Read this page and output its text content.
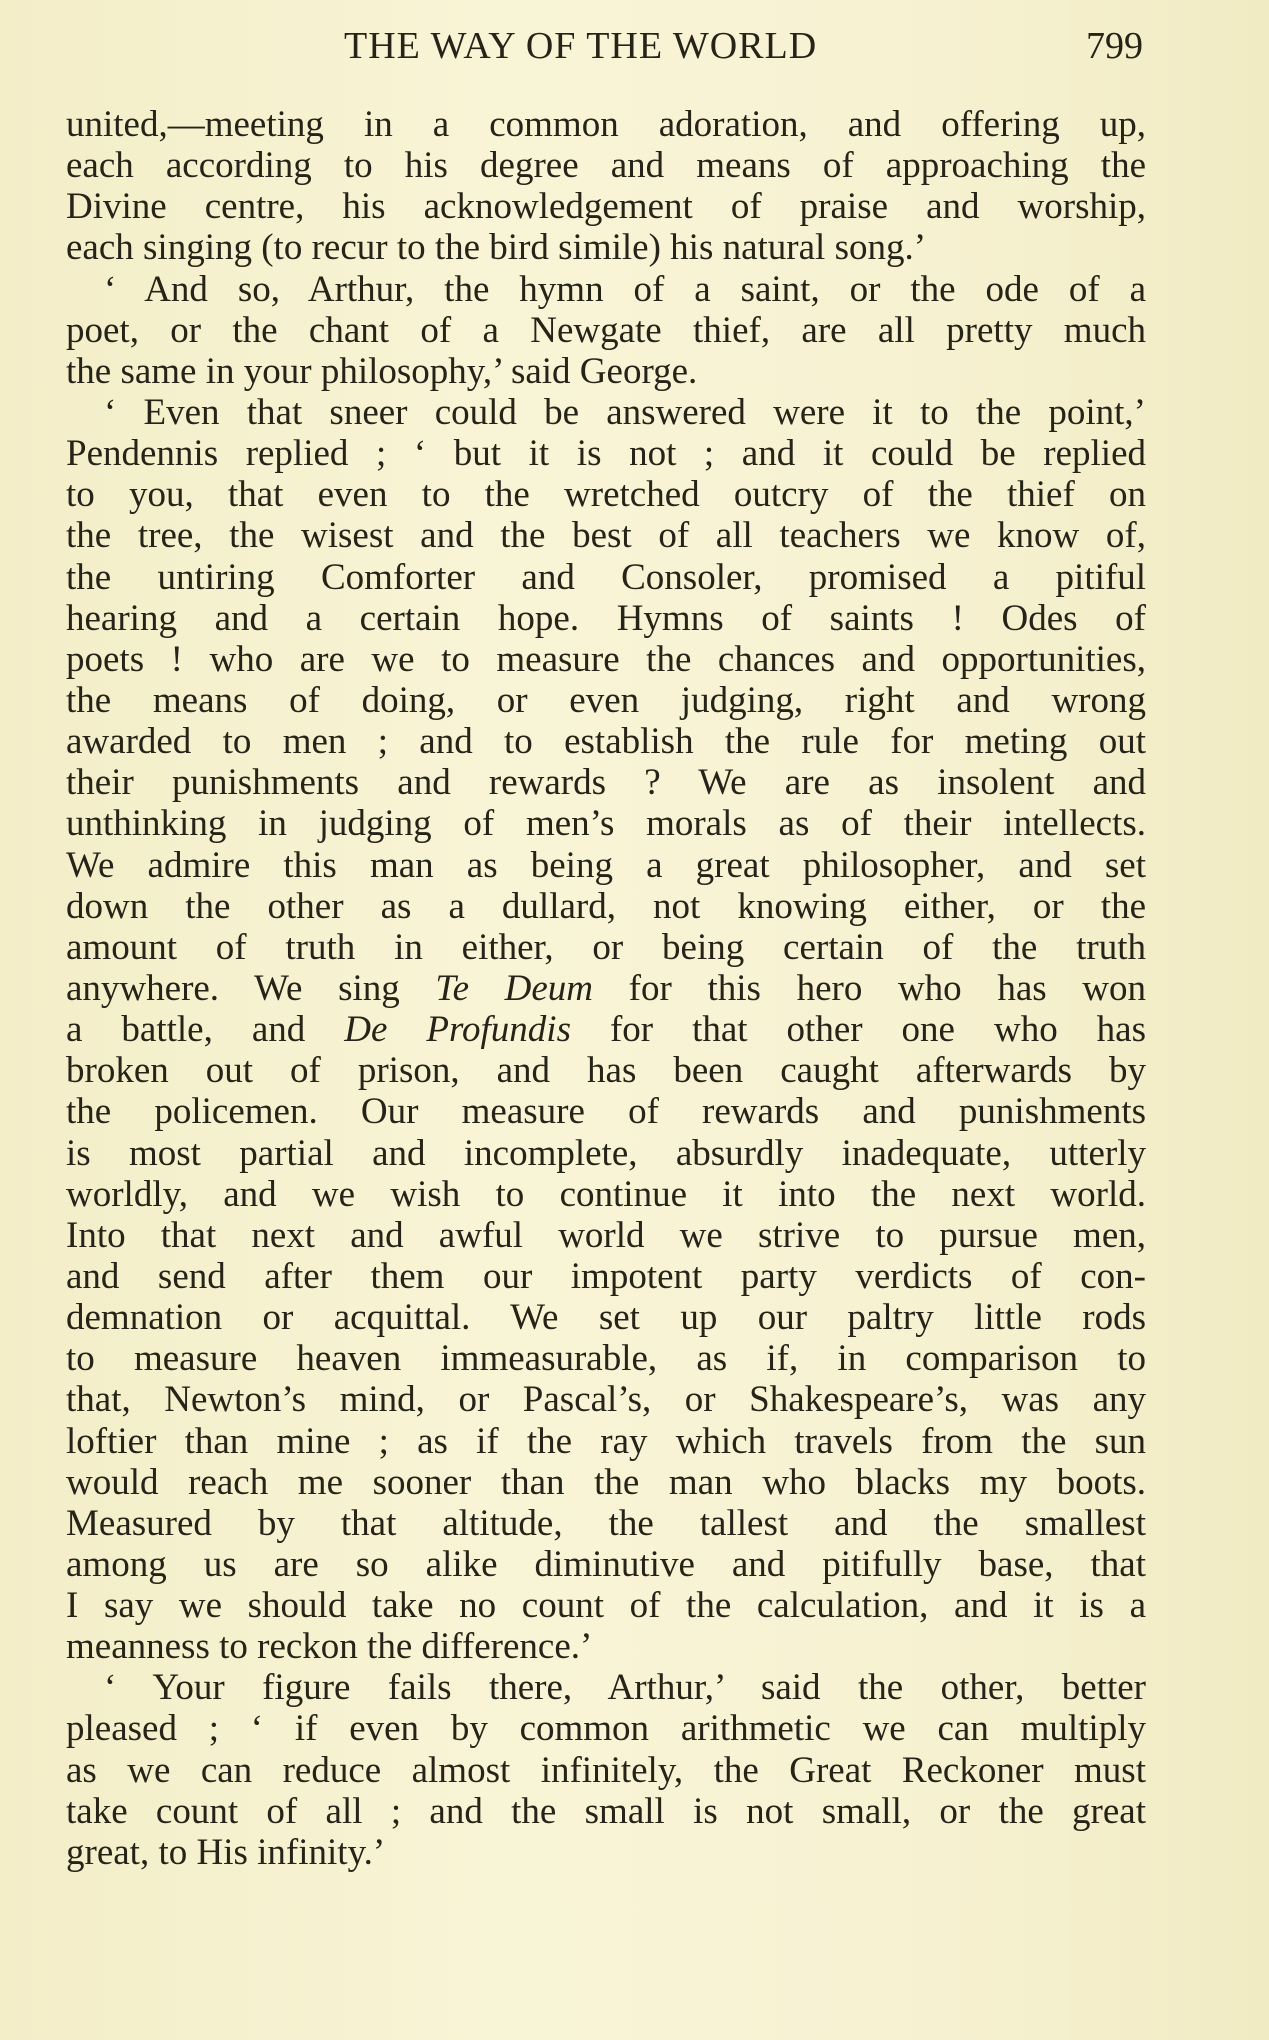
THE WAY OF THE WORLD	799
united,—meeting in a common adoration, and offering up,
each according to his degree and means of approaching the
Divine centre, his acknowledgement of praise and worship,
each singing (to recur to the bird simile) his natural song.’
‘ And so, Arthur, the hymn of a saint, or the ode of a
poet, or the chant of a Newgate thief, are all pretty much
the same in your philosophy,’ said George.
‘ Even that sneer could be answered were it to the point,’
Pendennis replied ; ‘ but it is not ; and it could be replied
to you, that even to the wretched outcry of the thief on
the tree, the wisest and the best of all teachers we know of,
the untiring Comforter and Consoler, promised a pitiful
hearing and a certain hope. Hymns of saints ! Odes of
poets ! who are we to measure the chances and opportunities,
the means of doing, or even judging, right and wrong
awarded to men ; and to establish the rule for meting out
their punishments and rewards ? We are as insolent and
unthinking in judging of men’s morals as of their intellects.
We admire this man as being a great philosopher, and set
down the other as a dullard, not knowing either, or the
amount of truth in either, or being certain of the truth
anywhere. We sing Te Deum for this hero who has won
a battle, and De Profundis for that other one who has
broken out of prison, and has been caught afterwards by
the policemen. Our measure of rewards and punishments
is most partial and incomplete, absurdly inadequate, utterly
worldly, and we wish to continue it into the next world.
Into that next and awful world we strive to pursue men,
and send after them our impotent party verdicts of con-
demnation or acquittal. We set up our paltry little rods
to measure heaven immeasurable, as if, in comparison to
that, Newton’s mind, or Pascal’s, or Shakespeare’s, was any
loftier than mine ; as if the ray which travels from the sun
would reach me sooner than the man who blacks my boots.
Measured by that altitude, the tallest and the smallest
among us are so alike diminutive and pitifully base, that
I say we should take no count of the calculation, and it is a
meanness to reckon the difference.’
‘ Your figure fails there, Arthur,’ said the other, better
pleased ; ‘ if even by common arithmetic we can multiply
as we can reduce almost infinitely, the Great Reckoner must
take count of all ; and the small is not small, or the great
great, to His infinity.’
